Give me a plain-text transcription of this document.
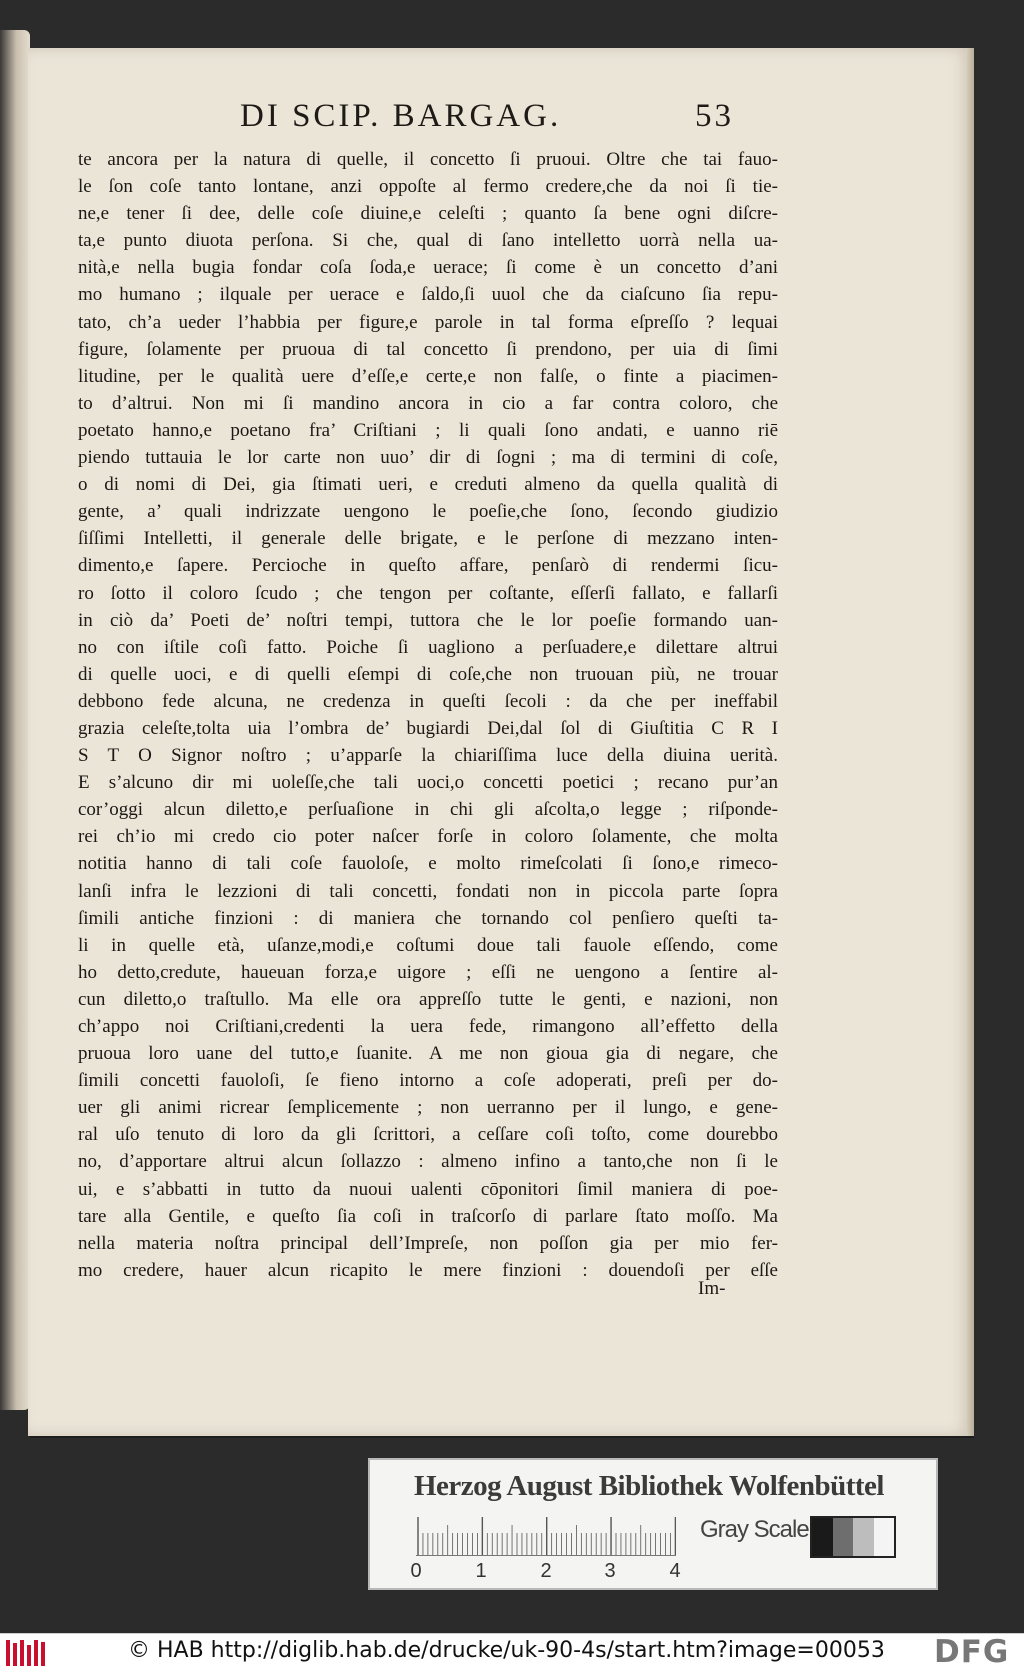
DI SCIP. BARGAG.	53
te ancora per la natura di quelle, il concetto ſi pruoui. Oltre che tai fauo-
le ſon coſe tanto lontane, anzi oppoſte al fermo credere,che da noi ſi tie-
ne,e tener ſi dee, delle coſe diuine,e celeſti ; quanto ſa bene ogni diſcre-
ta,e punto diuota perſona. Si che, qual di ſano intelletto uorrà nella ua-
nità,e nella bugia fondar coſa ſoda,e uerace; ſi come è un concetto d’ani
mo humano ; ilquale per uerace e ſaldo,ſi uuol che da ciaſcuno ſia repu-
tato, ch’a ueder l’habbia per figure,e parole in tal forma eſpreſſo ? lequai
figure, ſolamente per pruoua di tal concetto ſi prendono, per uia di ſimi
litudine, per le qualità uere d’eſſe,e certe,e non falſe, o finte a piacimen-
to d’altrui. Non mi ſi mandino ancora in cio a far contra coloro, che
poetato hanno,e poetano fra’ Criſtiani ; li quali ſono andati, e uanno riē
piendo tuttauia le lor carte non uuo’ dir di ſogni ; ma di termini di coſe,
o di nomi di Dei, gia ſtimati ueri, e creduti almeno da quella qualità di
gente, a’ quali indrizzate uengono le poeſie,che ſono, ſecondo giudizio
ſiſſimi Intelletti, il generale delle brigate, e le perſone di mezzano inten-
dimento,e ſapere. Percioche in queſto affare, penſarò di rendermi ſicu-
ro ſotto il coloro ſcudo ; che tengon per coſtante, eſſerſi fallato, e fallarſi
in ciò da’ Poeti de’ noſtri tempi, tuttora che le lor poeſie formando uan-
no con iſtile coſi fatto. Poiche ſi uagliono a perſuadere,e dilettare altrui
di quelle uoci, e di quelli eſempi di coſe,che non truouan più, ne trouar
debbono fede alcuna, ne credenza in queſti ſecoli : da che per ineffabil
grazia celeſte,tolta uia l’ombra de’ bugiardi Dei,dal ſol di Giuſtitia C R I
S T O Signor noſtro ; u’apparſe la chiariſſima luce della diuina uerità.
E s’alcuno dir mi uoleſſe,che tali uoci,o concetti poetici ; recano pur’an
cor’oggi alcun diletto,e perſuaſione in chi gli aſcolta,o legge ; riſponde-
rei ch’io mi credo cio poter naſcer forſe in coloro ſolamente, che molta
notitia hanno di tali coſe fauoloſe, e molto rimeſcolati ſi ſono,e rimeco-
lanſi infra le lezzioni di tali concetti, fondati non in piccola parte ſopra
ſimili antiche finzioni : di maniera che tornando col penſiero queſti ta-
li in quelle età, uſanze,modi,e coſtumi doue tali fauole eſſendo, come
ho detto,credute, haueuan forza,e uigore ; eſſi ne uengono a ſentire al-
cun diletto,o traſtullo. Ma elle ora appreſſo tutte le genti, e nazioni, non
ch’appo noi Criſtiani,credenti la uera fede, rimangono all’effetto della
pruoua loro uane del tutto,e ſuanite. A me non gioua gia di negare, che
ſimili concetti fauoloſi, ſe fieno intorno a coſe adoperati, preſi per do-
uer gli animi ricrear ſemplicemente ; non uerranno per il lungo, e gene-
ral uſo tenuto di loro da gli ſcrittori, a ceſſare coſi toſto, come dourebbo
no, d’apportare altrui alcun ſollazzo : almeno infino a tanto,che non ſi le
ui, e s’abbatti in tutto da nuoui ualenti cōponitori ſimil maniera di poe-
tare alla Gentile, e queſto ſia coſi in traſcorſo di parlare ſtato moſſo. Ma
nella materia noſtra principal dell’Impreſe, non poſſon gia per mio fer-
mo credere, hauer alcun ricapito le mere finzioni : douendoſi per eſſe
Im-
Herzog August Bibliothek Wolfenbüttel
0	1	2	3	4
Gray Scale
© HAB http://diglib.hab.de/drucke/uk-90-4s/start.htm?image=00053 DFG
